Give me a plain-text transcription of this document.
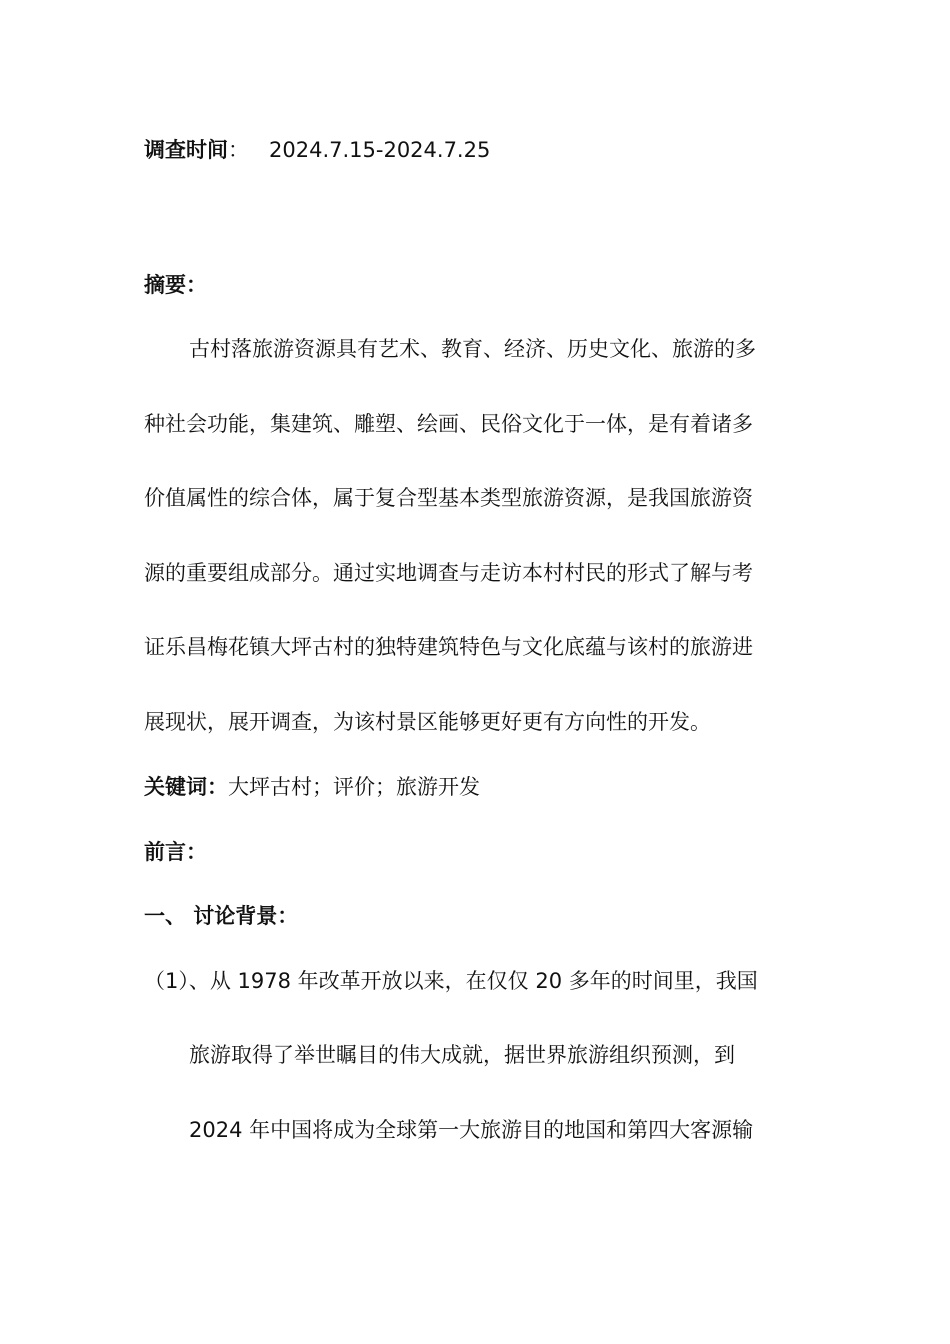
调查时间： 2024.7.15-2024.7.25
摘要：
古村落旅游资源具有艺术、教育、经济、历史文化、旅游的多
种社会功能，集建筑、雕塑、绘画、民俗文化于一体，是有着诸多
价值属性的综合体，属于复合型基本类型旅游资源，是我国旅游资
源的重要组成部分。通过实地调查与走访本村村民的形式了解与考
证乐昌梅花镇大坪古村的独特建筑特色与文化底蕴与该村的旅游进
展现状，展开调查，为该村景区能够更好更有方向性的开发。
关键词：大坪古村；评价；旅游开发
前言：
一、 讨论背景：
（1）、从 1978 年改革开放以来，在仅仅 20 多年的时间里，我国
旅游取得了举世瞩目的伟大成就，据世界旅游组织预测，到
2024 年中国将成为全球第一大旅游目的地国和第四大客源输
